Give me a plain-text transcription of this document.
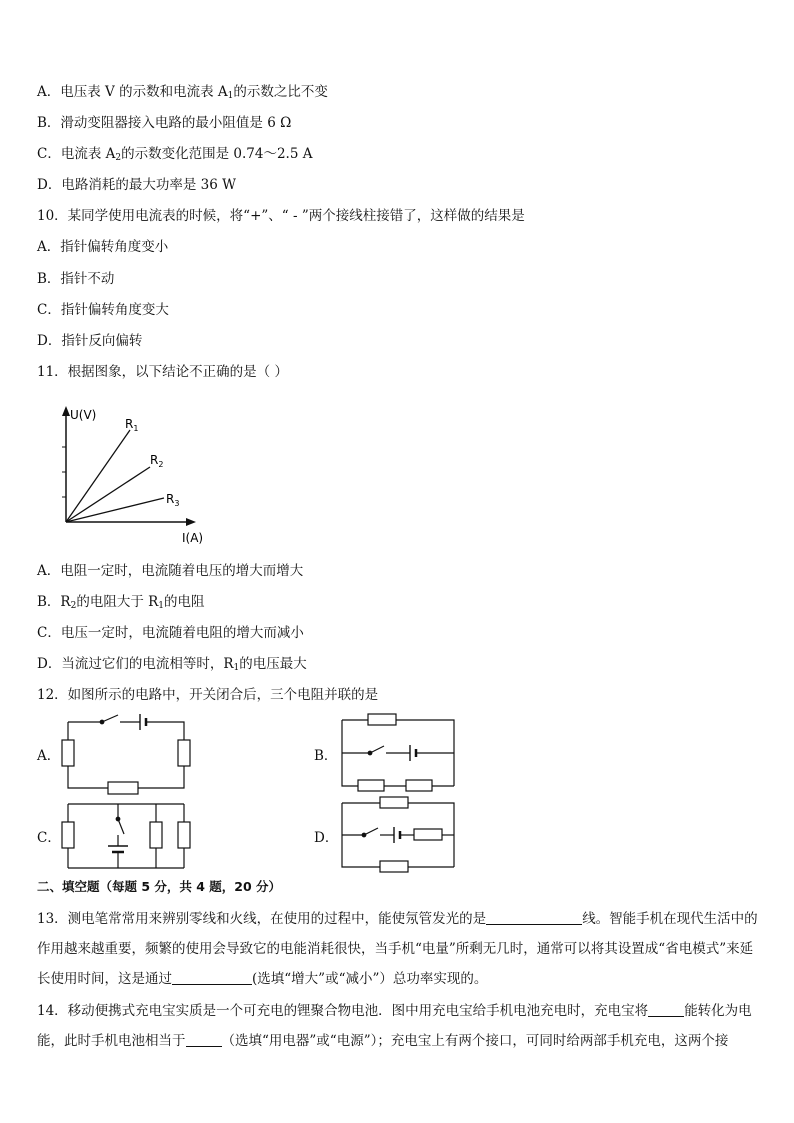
A．电压表 V 的示数和电流表 $A_1$的示数之比不变
B．滑动变阻器接入电路的最小阻值是 6 Ω
C．电流表 $A_2$的示数变化范围是 0.74～2.5 A
D．电路消耗的最大功率是 36 W
10．某同学使用电流表的时候，将“+”、“ - ”两个接线柱接错了，这样做的结果是
A．指针偏转角度变小
B．指针不动
C．指针偏转角度变大
D．指针反向偏转
11．根据图象，以下结论不正确的是（ ）
U(V)
I(A)
$R_1$
$R_2$
$R_3$
A．电阻一定时，电流随着电压的增大而增大
B．$R_2$的电阻大于 $R_1$的电阻
C．电压一定时，电流随着电阻的增大而减小
D．当流过它们的电流相等时，$R_1$的电压最大
12．如图所示的电路中，开关闭合后，三个电阻并联的是
A．	B．
C．	D．
二、填空题（每题 5 分，共 4 题，20 分）
13．测电笔常常用来辨别零线和火线，在使用的过程中，能使氖管发光的是	线。智能手机在现代生活中的作用越来越重要，频繁的使用会导致它的电能消耗很快，当手机“电量”所剩无几时，通常可以将其设置成“省电模式”来延长使用时间，这是通过	(选填“增大”或“减小”）总功率实现的。
14．移动便携式充电宝实质是一个可充电的锂聚合物电池．图中用充电宝给手机电池充电时，充电宝将	能转化为电能，此时手机电池相当于	（选填“用电器”或“电源”）；充电宝上有两个接口，可同时给两部手机充电，这两个接
